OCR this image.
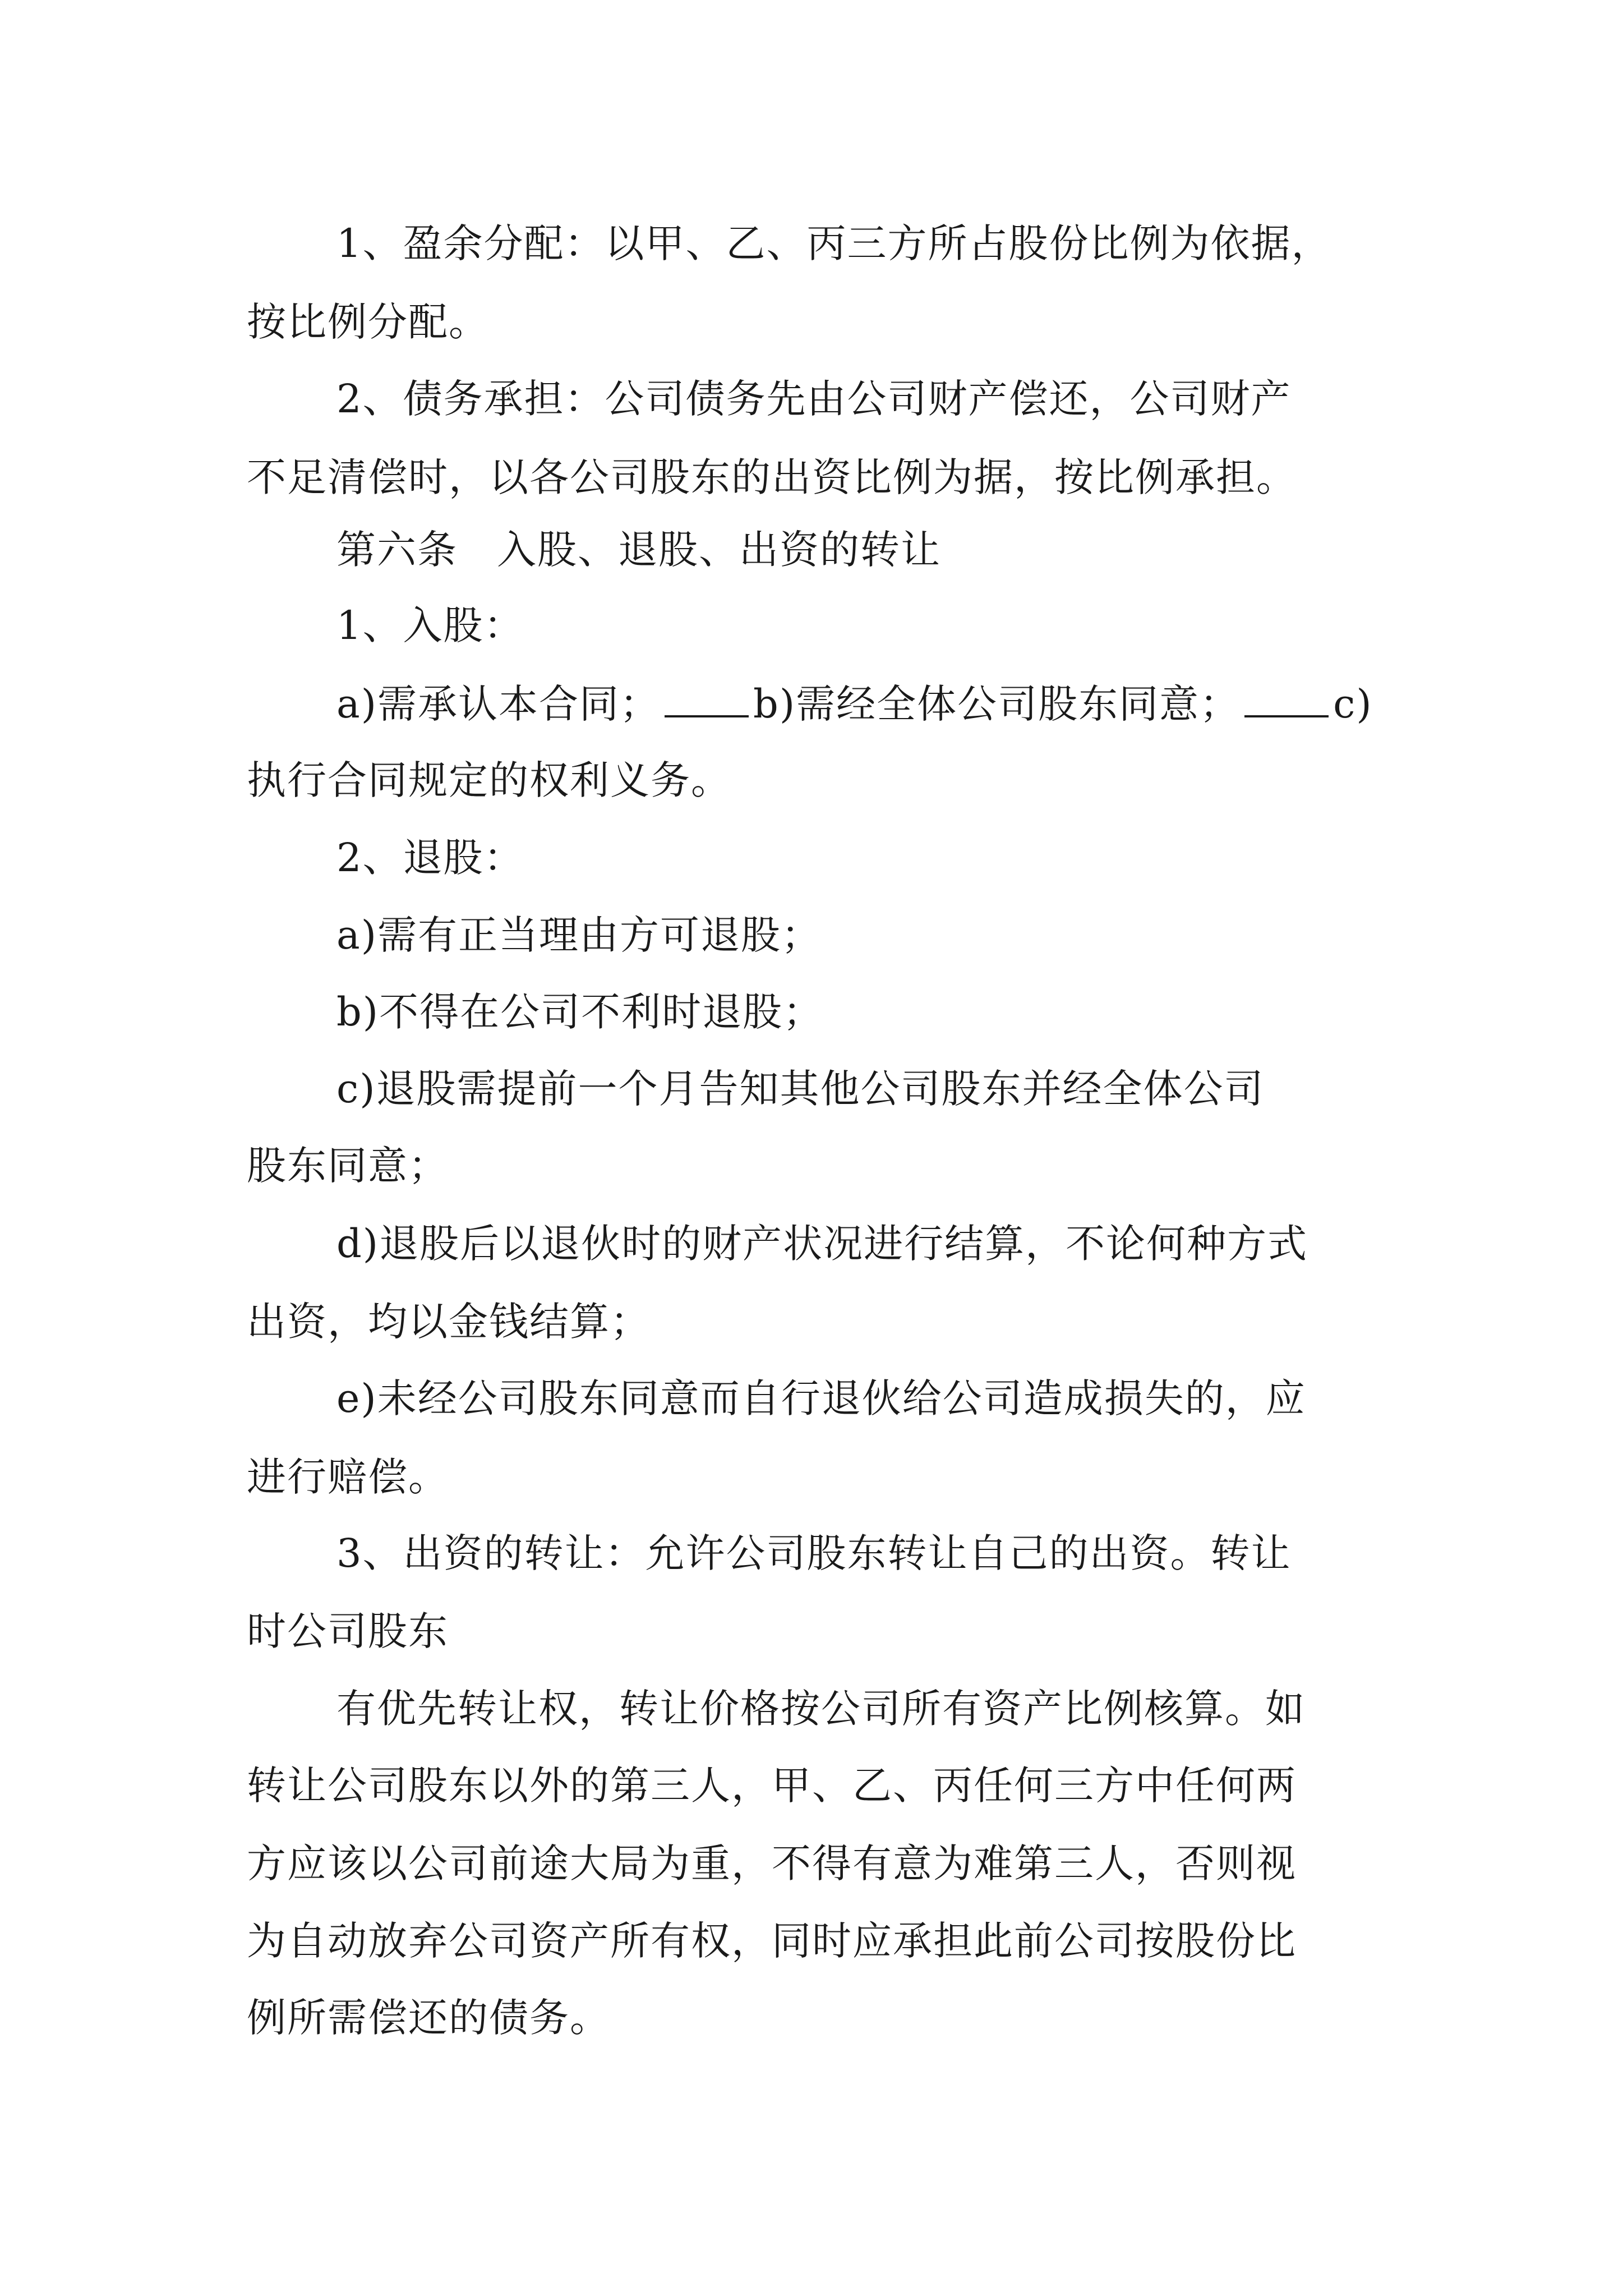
1、盈余分配：以甲、乙、丙三方所占股份比例为依据，

按比例分配。

2、债务承担：公司债务先由公司财产偿还，公司财产

不足清偿时，以各公司股东的出资比例为据，按比例承担。

第六条 入股、退股、出资的转让

1、入股：

a)需承认本合同； b)需经全体公司股东同意； c)

执行合同规定的权利义务。

2、退股：

a)需有正当理由方可退股；

b)不得在公司不利时退股；

c)退股需提前一个月告知其他公司股东并经全体公司

股东同意；

d)退股后以退伙时的财产状况进行结算，不论何种方式

出资，均以金钱结算；

e)未经公司股东同意而自行退伙给公司造成损失的，应

进行赔偿。

3、出资的转让：允许公司股东转让自己的出资。转让

时公司股东

有优先转让权，转让价格按公司所有资产比例核算。如

转让公司股东以外的第三人，甲、乙、丙任何三方中任何两

方应该以公司前途大局为重，不得有意为难第三人，否则视

为自动放弃公司资产所有权，同时应承担此前公司按股份比

例所需偿还的债务。
